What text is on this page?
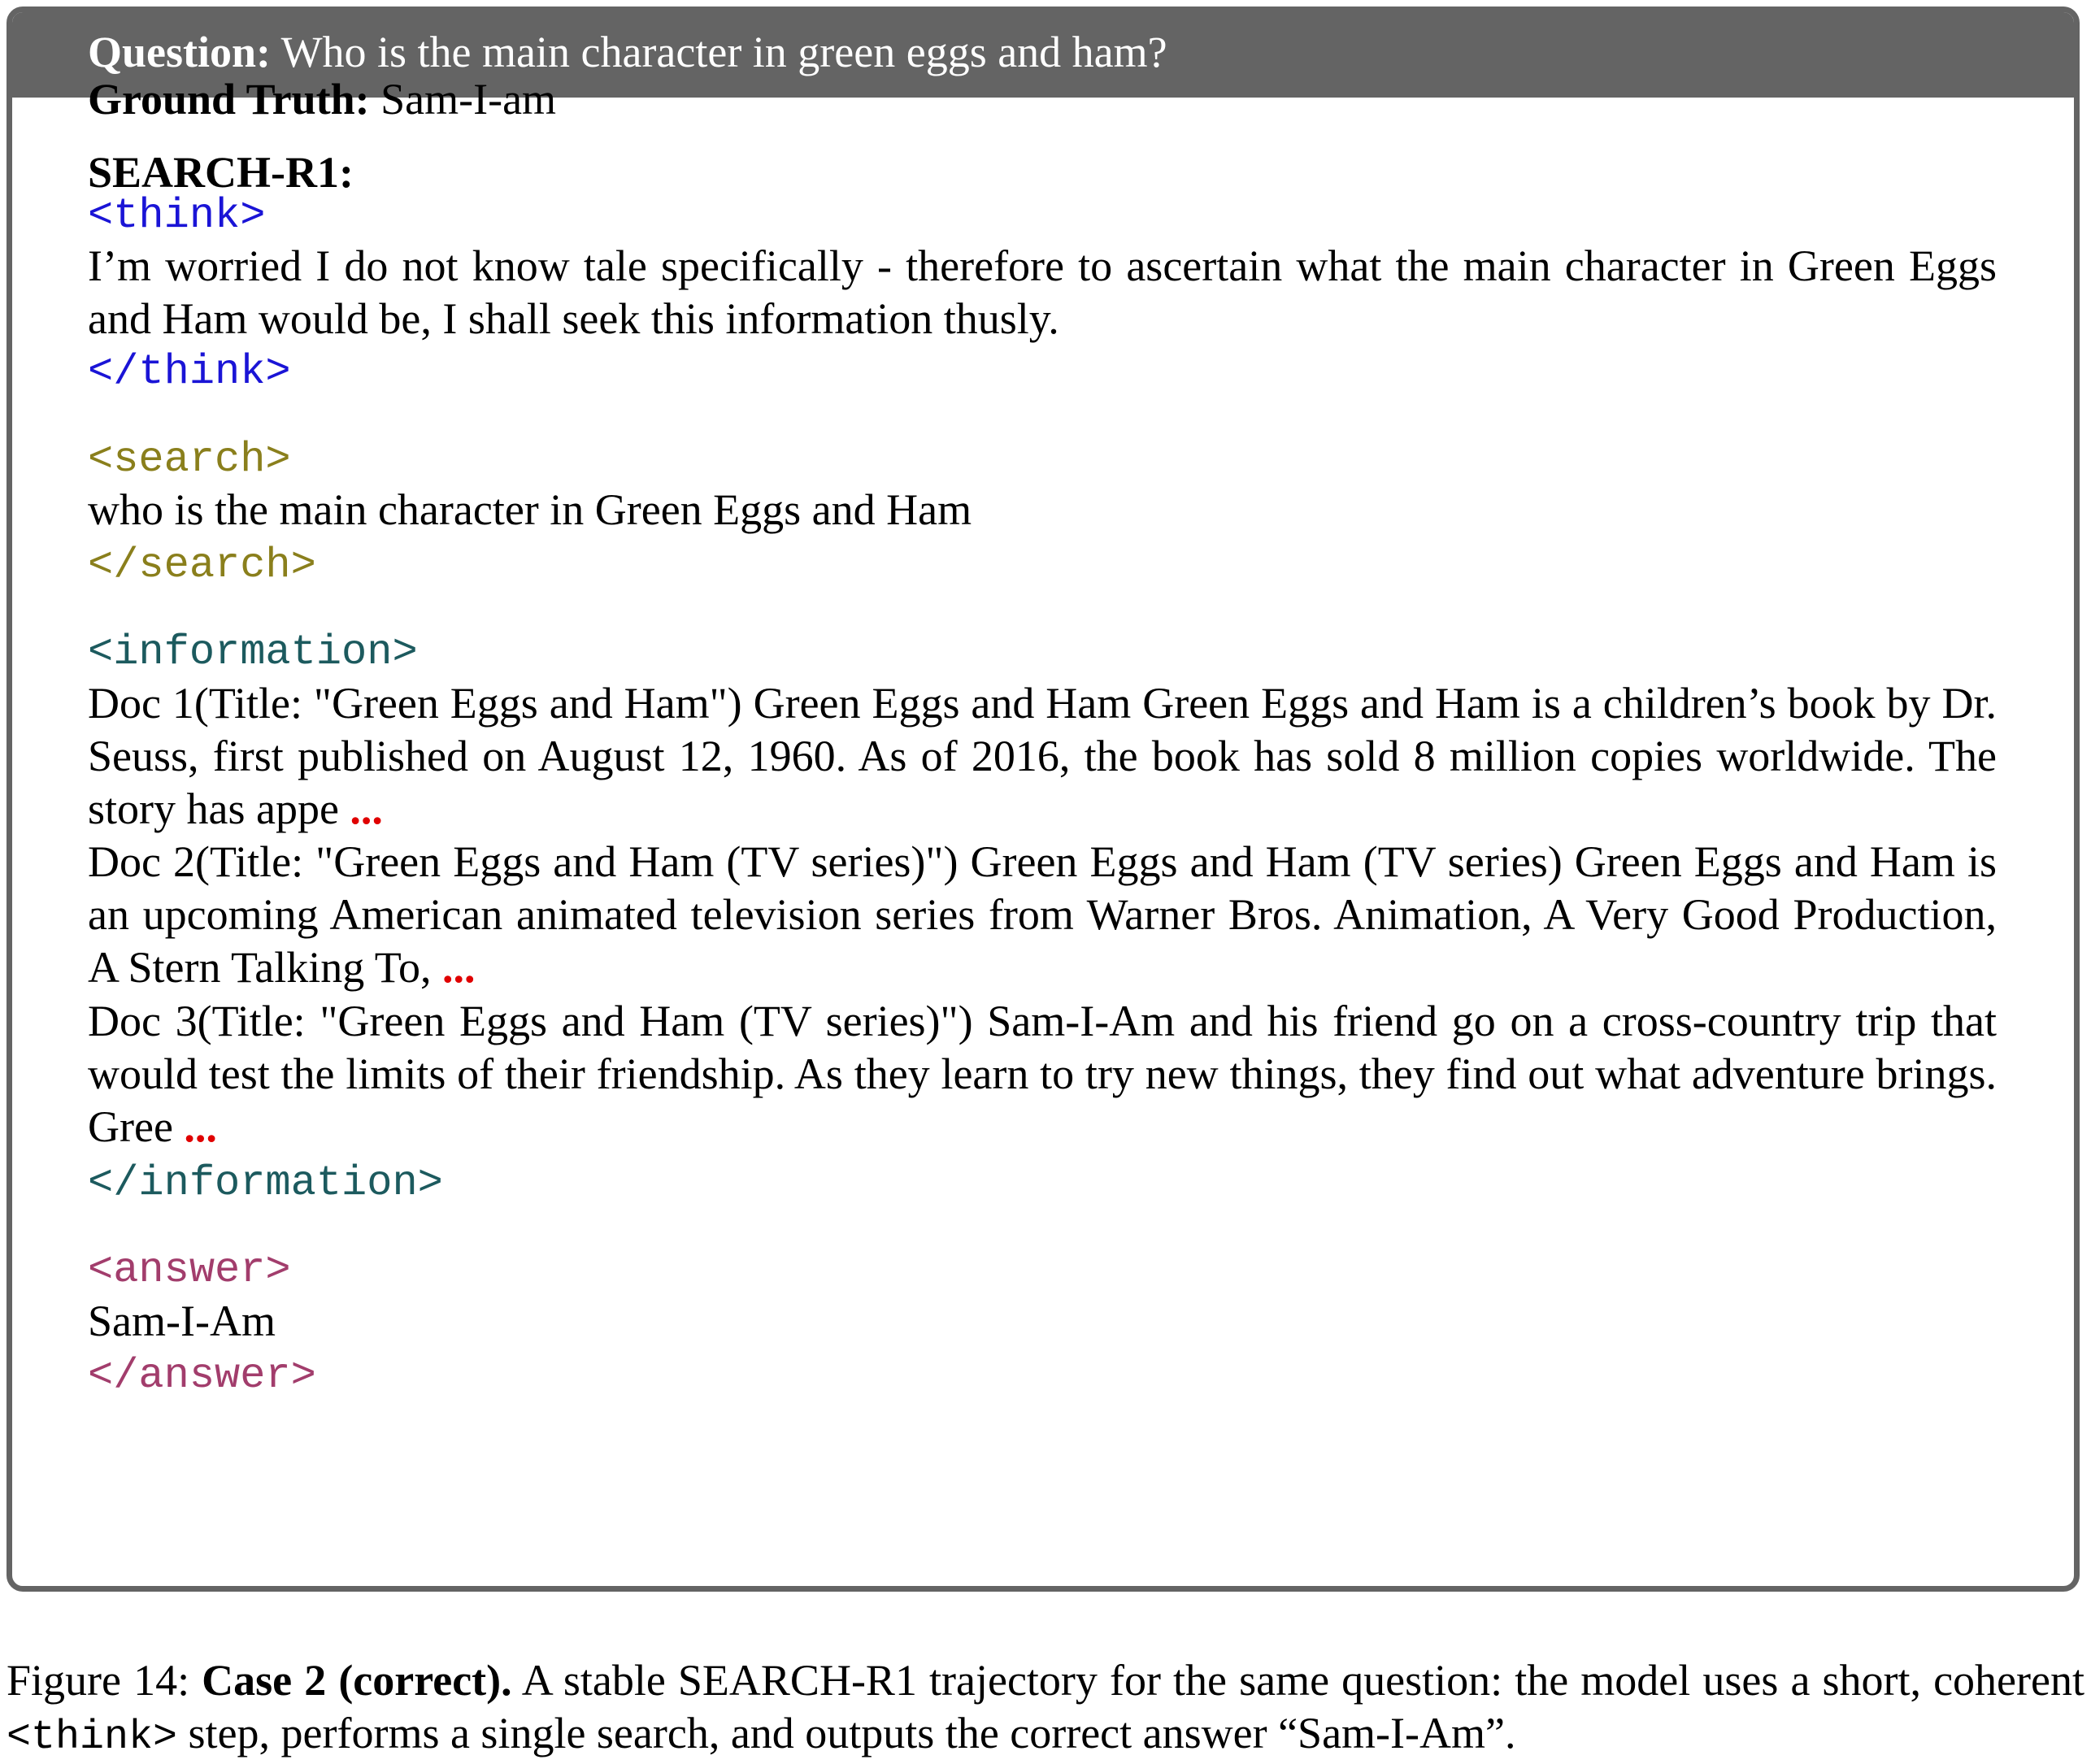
Question: Who is the main character in green eggs and ham?
Ground Truth: Sam-I-am
SEARCH-R1:
<think>
I’m worried I do not know tale specifically - therefore to ascertain what the main character in Green Eggs and Ham would be, I shall seek this information thusly.
</think>
<search>
who is the main character in Green Eggs and Ham
</search>
<information>
Doc 1(Title: "Green Eggs and Ham") Green Eggs and Ham Green Eggs and Ham is a children’s book by Dr. Seuss, first published on August 12, 1960. As of 2016, the book has sold 8 million copies worldwide. The story has appe ...
Doc 2(Title: "Green Eggs and Ham (TV series)") Green Eggs and Ham (TV series) Green Eggs and Ham is an upcoming American animated television series from Warner Bros. Animation, A Very Good Production, A Stern Talking To, ...
Doc 3(Title: "Green Eggs and Ham (TV series)") Sam-I-Am and his friend go on a cross-country trip that would test the limits of their friendship. As they learn to try new things, they find out what adventure brings. Gree ...
</information>
<answer>
Sam-I-Am
</answer>
Figure 14: Case 2 (correct). A stable SEARCH-R1 trajectory for the same question: the model uses a short, coherent <think> step, performs a single search, and outputs the correct answer “Sam-I-Am”.
